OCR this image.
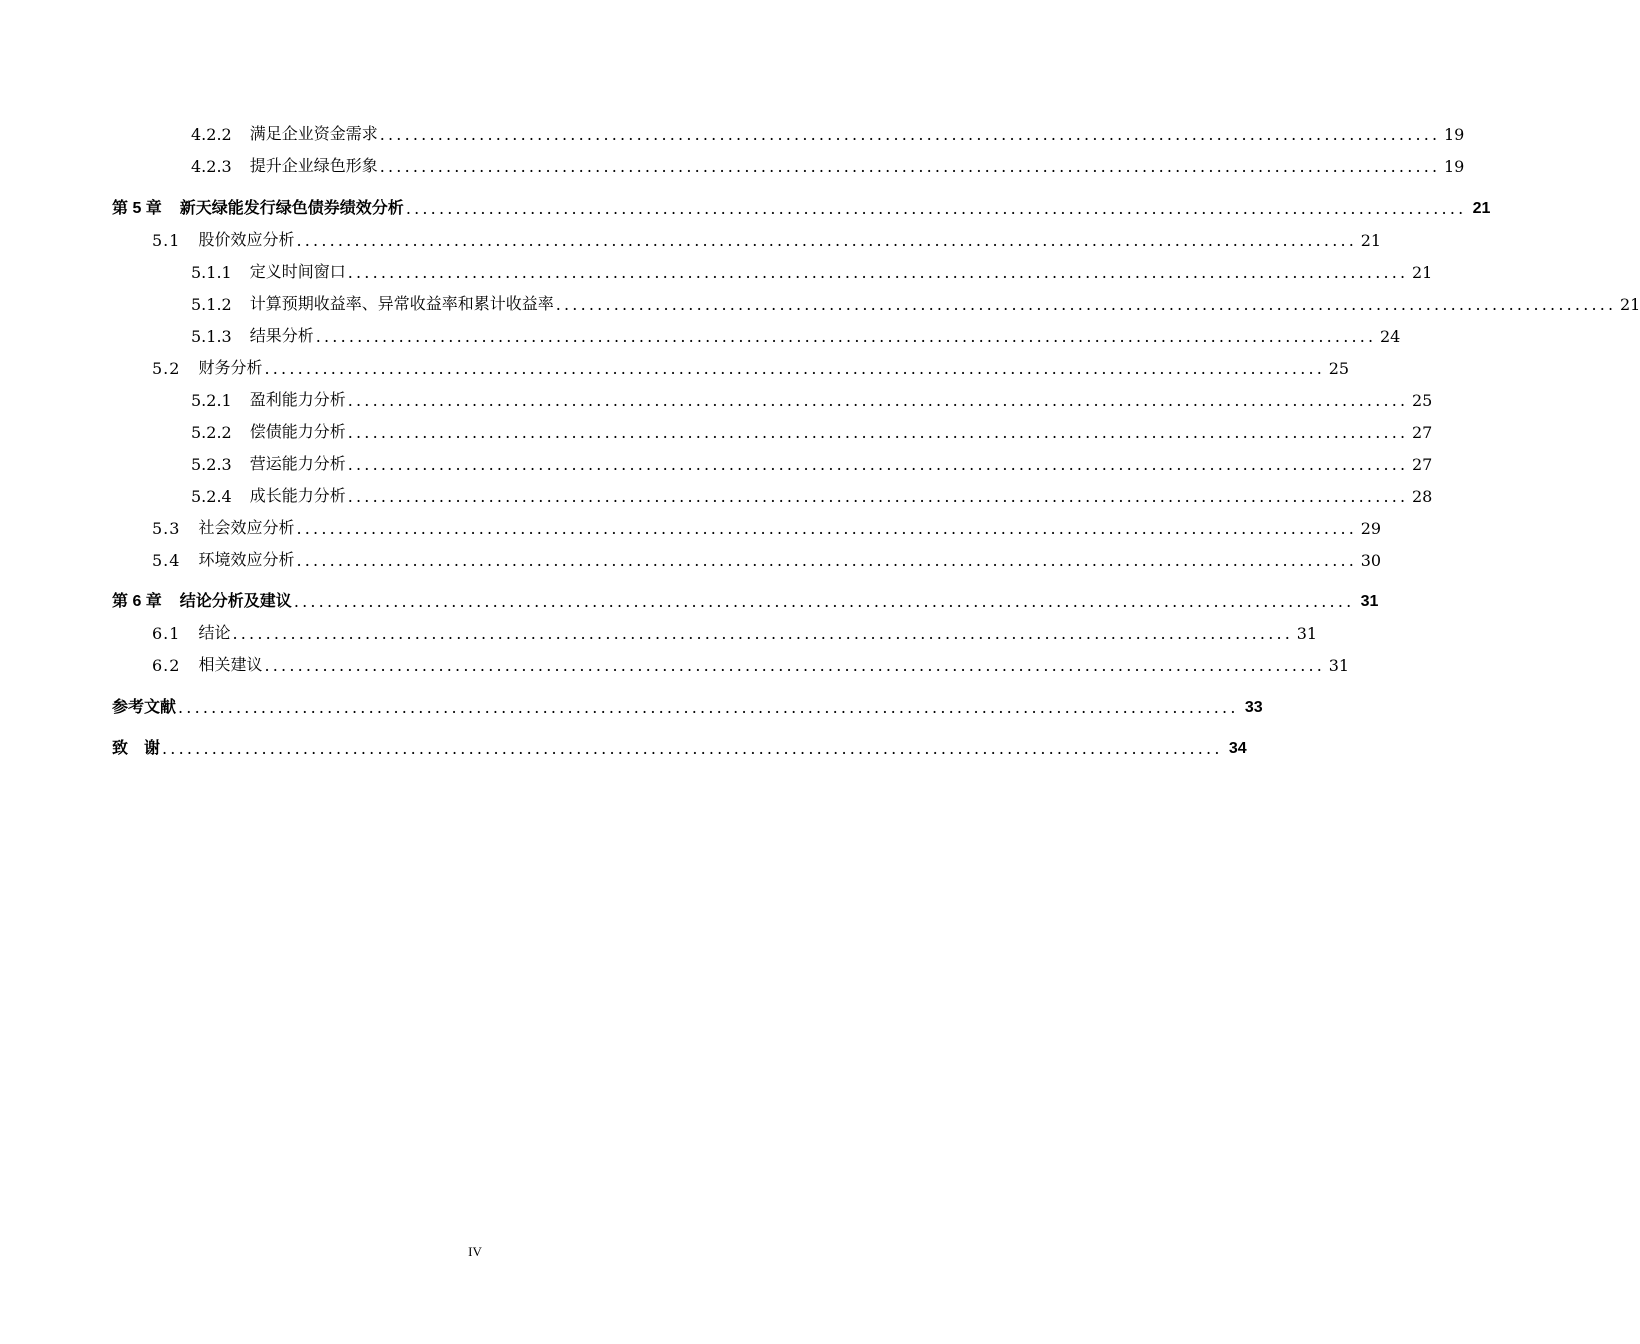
4.2.2	满足企业资金需求 ................................................................................................................................ 19
4.2.3	提升企业绿色形象 ................................................................................................................................ 19
第 5 章	新天绿能发行绿色债券绩效分析 ................................................................................................................................ 21
5.1	股价效应分析 ................................................................................................................................ 21
5.1.1	定义时间窗口 ................................................................................................................................ 21
5.1.2	计算预期收益率、异常收益率和累计收益率 ................................................................................................................................ 21
5.1.3	结果分析 ................................................................................................................................ 24
5.2	财务分析 ................................................................................................................................ 25
5.2.1	盈利能力分析 ................................................................................................................................ 25
5.2.2	偿债能力分析 ................................................................................................................................ 27
5.2.3	营运能力分析 ................................................................................................................................ 27
5.2.4	成长能力分析 ................................................................................................................................ 28
5.3	社会效应分析 ................................................................................................................................ 29
5.4	环境效应分析 ................................................................................................................................ 30
第 6 章	结论分析及建议 ................................................................................................................................ 31
6.1	结论 ................................................................................................................................ 31
6.2	相关建议 ................................................................................................................................ 31
参考文献 ................................................................................................................................ 33
致　谢 ................................................................................................................................ 34
IV
